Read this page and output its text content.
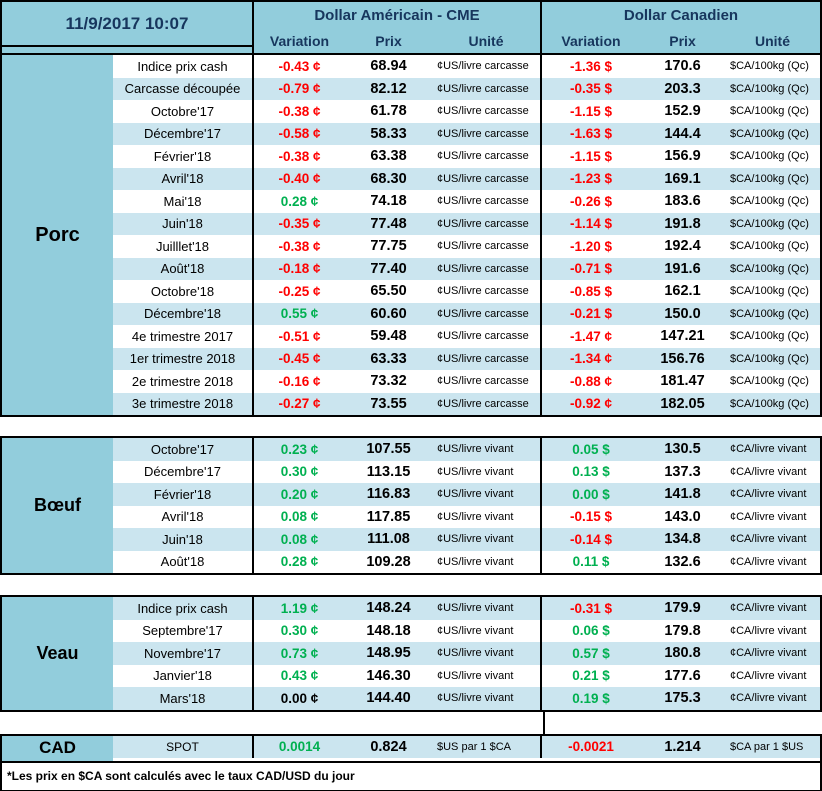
11/9/2017 10:07	Dollar Américain - CME
Variation	Prix	Unité
Dollar Canadien
Variation	Prix	Unité
Porc
Indice prix cash	-0.43 ¢	68.94	¢US/livre carcasse	-1.36 $	170.6	$CA/100kg (Qc)
Carcasse découpée	-0.79 ¢	82.12	¢US/livre carcasse	-0.35 $	203.3	$CA/100kg (Qc)
Octobre'17	-0.38 ¢	61.78	¢US/livre carcasse	-1.15 $	152.9	$CA/100kg (Qc)
Décembre'17	-0.58 ¢	58.33	¢US/livre carcasse	-1.63 $	144.4	$CA/100kg (Qc)
Février'18	-0.38 ¢	63.38	¢US/livre carcasse	-1.15 $	156.9	$CA/100kg (Qc)
Avril'18	-0.40 ¢	68.30	¢US/livre carcasse	-1.23 $	169.1	$CA/100kg (Qc)
Mai'18	0.28 ¢	74.18	¢US/livre carcasse	-0.26 $	183.6	$CA/100kg (Qc)
Juin'18	-0.35 ¢	77.48	¢US/livre carcasse	-1.14 $	191.8	$CA/100kg (Qc)
Juilllet'18	-0.38 ¢	77.75	¢US/livre carcasse	-1.20 $	192.4	$CA/100kg (Qc)
Août'18	-0.18 ¢	77.40	¢US/livre carcasse	-0.71 $	191.6	$CA/100kg (Qc)
Octobre'18	-0.25 ¢	65.50	¢US/livre carcasse	-0.85 $	162.1	$CA/100kg (Qc)
Décembre'18	0.55 ¢	60.60	¢US/livre carcasse	-0.21 $	150.0	$CA/100kg (Qc)
4e trimestre 2017	-0.51 ¢	59.48	¢US/livre carcasse	-1.47 ¢	147.21	$CA/100kg (Qc)
1er trimestre 2018	-0.45 ¢	63.33	¢US/livre carcasse	-1.34 ¢	156.76	$CA/100kg (Qc)
2e trimestre 2018	-0.16 ¢	73.32	¢US/livre carcasse	-0.88 ¢	181.47	$CA/100kg (Qc)
3e trimestre 2018	-0.27 ¢	73.55	¢US/livre carcasse	-0.92 ¢	182.05	$CA/100kg (Qc)
Bœuf
Octobre'17	0.23 ¢	107.55	¢US/livre vivant	0.05 $	130.5	¢CA/livre vivant
Décembre'17	0.30 ¢	113.15	¢US/livre vivant	0.13 $	137.3	¢CA/livre vivant
Février'18	0.20 ¢	116.83	¢US/livre vivant	0.00 $	141.8	¢CA/livre vivant
Avril'18	0.08 ¢	117.85	¢US/livre vivant	-0.15 $	143.0	¢CA/livre vivant
Juin'18	0.08 ¢	111.08	¢US/livre vivant	-0.14 $	134.8	¢CA/livre vivant
Août'18	0.28 ¢	109.28	¢US/livre vivant	0.11 $	132.6	¢CA/livre vivant
Veau
Indice prix cash	1.19 ¢	148.24	¢US/livre vivant	-0.31 $	179.9	¢CA/livre vivant
Septembre'17	0.30 ¢	148.18	¢US/livre vivant	0.06 $	179.8	¢CA/livre vivant
Novembre'17	0.73 ¢	148.95	¢US/livre vivant	0.57 $	180.8	¢CA/livre vivant
Janvier'18	0.43 ¢	146.30	¢US/livre vivant	0.21 $	177.6	¢CA/livre vivant
Mars'18	0.00 ¢	144.40	¢US/livre vivant	0.19 $	175.3	¢CA/livre vivant
CAD	SPOT	0.0014	0.824	$US par 1 $CA	-0.0021	1.214	$CA par 1 $US
*Les prix en $CA sont calculés avec le taux CAD/USD du jour
